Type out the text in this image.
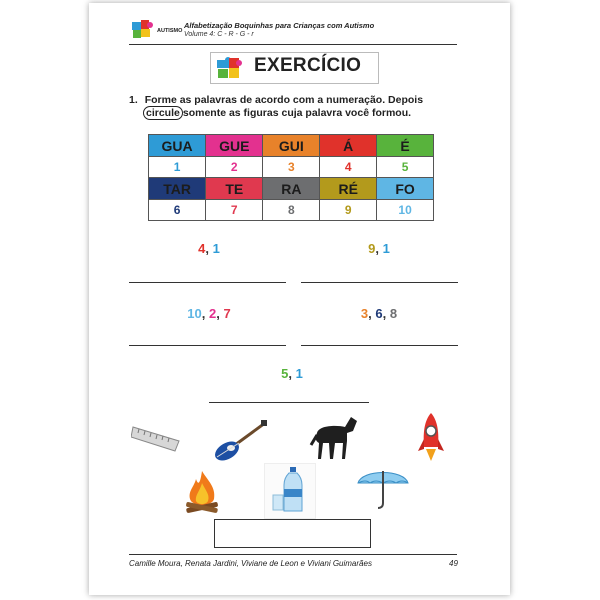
AUTISMO
Alfabetização Boquinhas para Crianças com Autismo
Volume 4: C - R - G - r
EXERCÍCIO
1. Forme as palavras de acordo com a numeração. Depois
circule somente as figuras cuja palavra você formou.
GUA	GUE	GUI	Á	É
1	2	3	4	5
TAR	TE	RA	RÉ	FO
6	7	8	9	10
4, 1	9, 1
10, 2, 7	3, 6, 8
5, 1
Camille Moura, Renata Jardini, Viviane de Leon e Viviani Guimarães	49
